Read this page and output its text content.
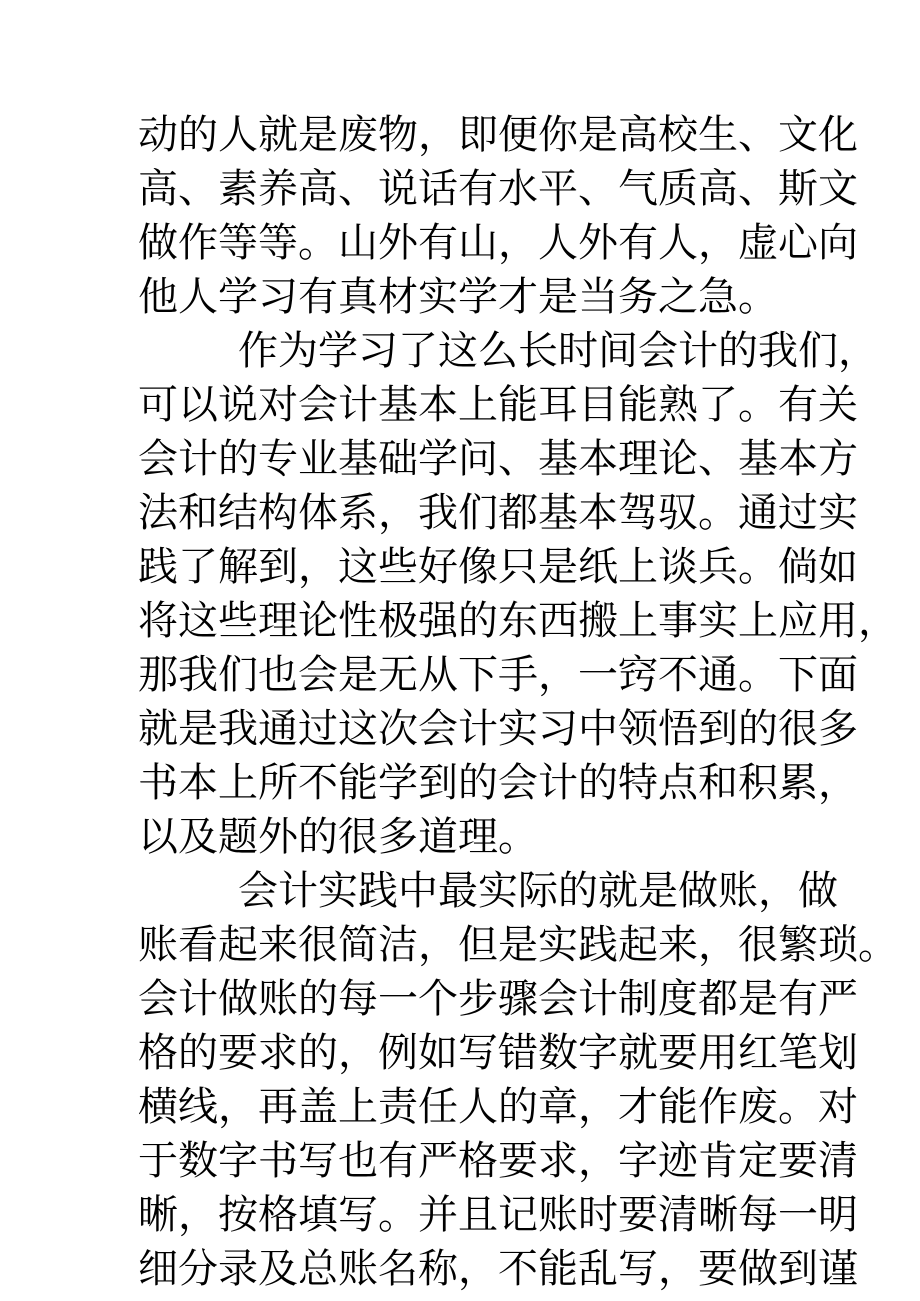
动的人就是废物，即便你是高校生、文化
高、素养高、说话有水平、气质高、斯文
做作等等。山外有山，人外有人，虚心向
他人学习有真材实学才是当务之急。
作为学习了这么长时间会计的我们，
可以说对会计基本上能耳目能熟了。有关
会计的专业基础学问、基本理论、基本方
法和结构体系，我们都基本驾驭。通过实
践了解到，这些好像只是纸上谈兵。倘如
将这些理论性极强的东西搬上事实上应用，
那我们也会是无从下手，一窍不通。下面
就是我通过这次会计实习中领悟到的很多
书本上所不能学到的会计的特点和积累，
以及题外的很多道理。
会计实践中最实际的就是做账，做
账看起来很简洁，但是实践起来，很繁琐。
会计做账的每一个步骤会计制度都是有严
格的要求的，例如写错数字就要用红笔划
横线，再盖上责任人的章，才能作废。对
于数字书写也有严格要求，字迹肯定要清
晰，按格填写。并且记账时要清晰每一明
细分录及总账名称，不能乱写，要做到谨
